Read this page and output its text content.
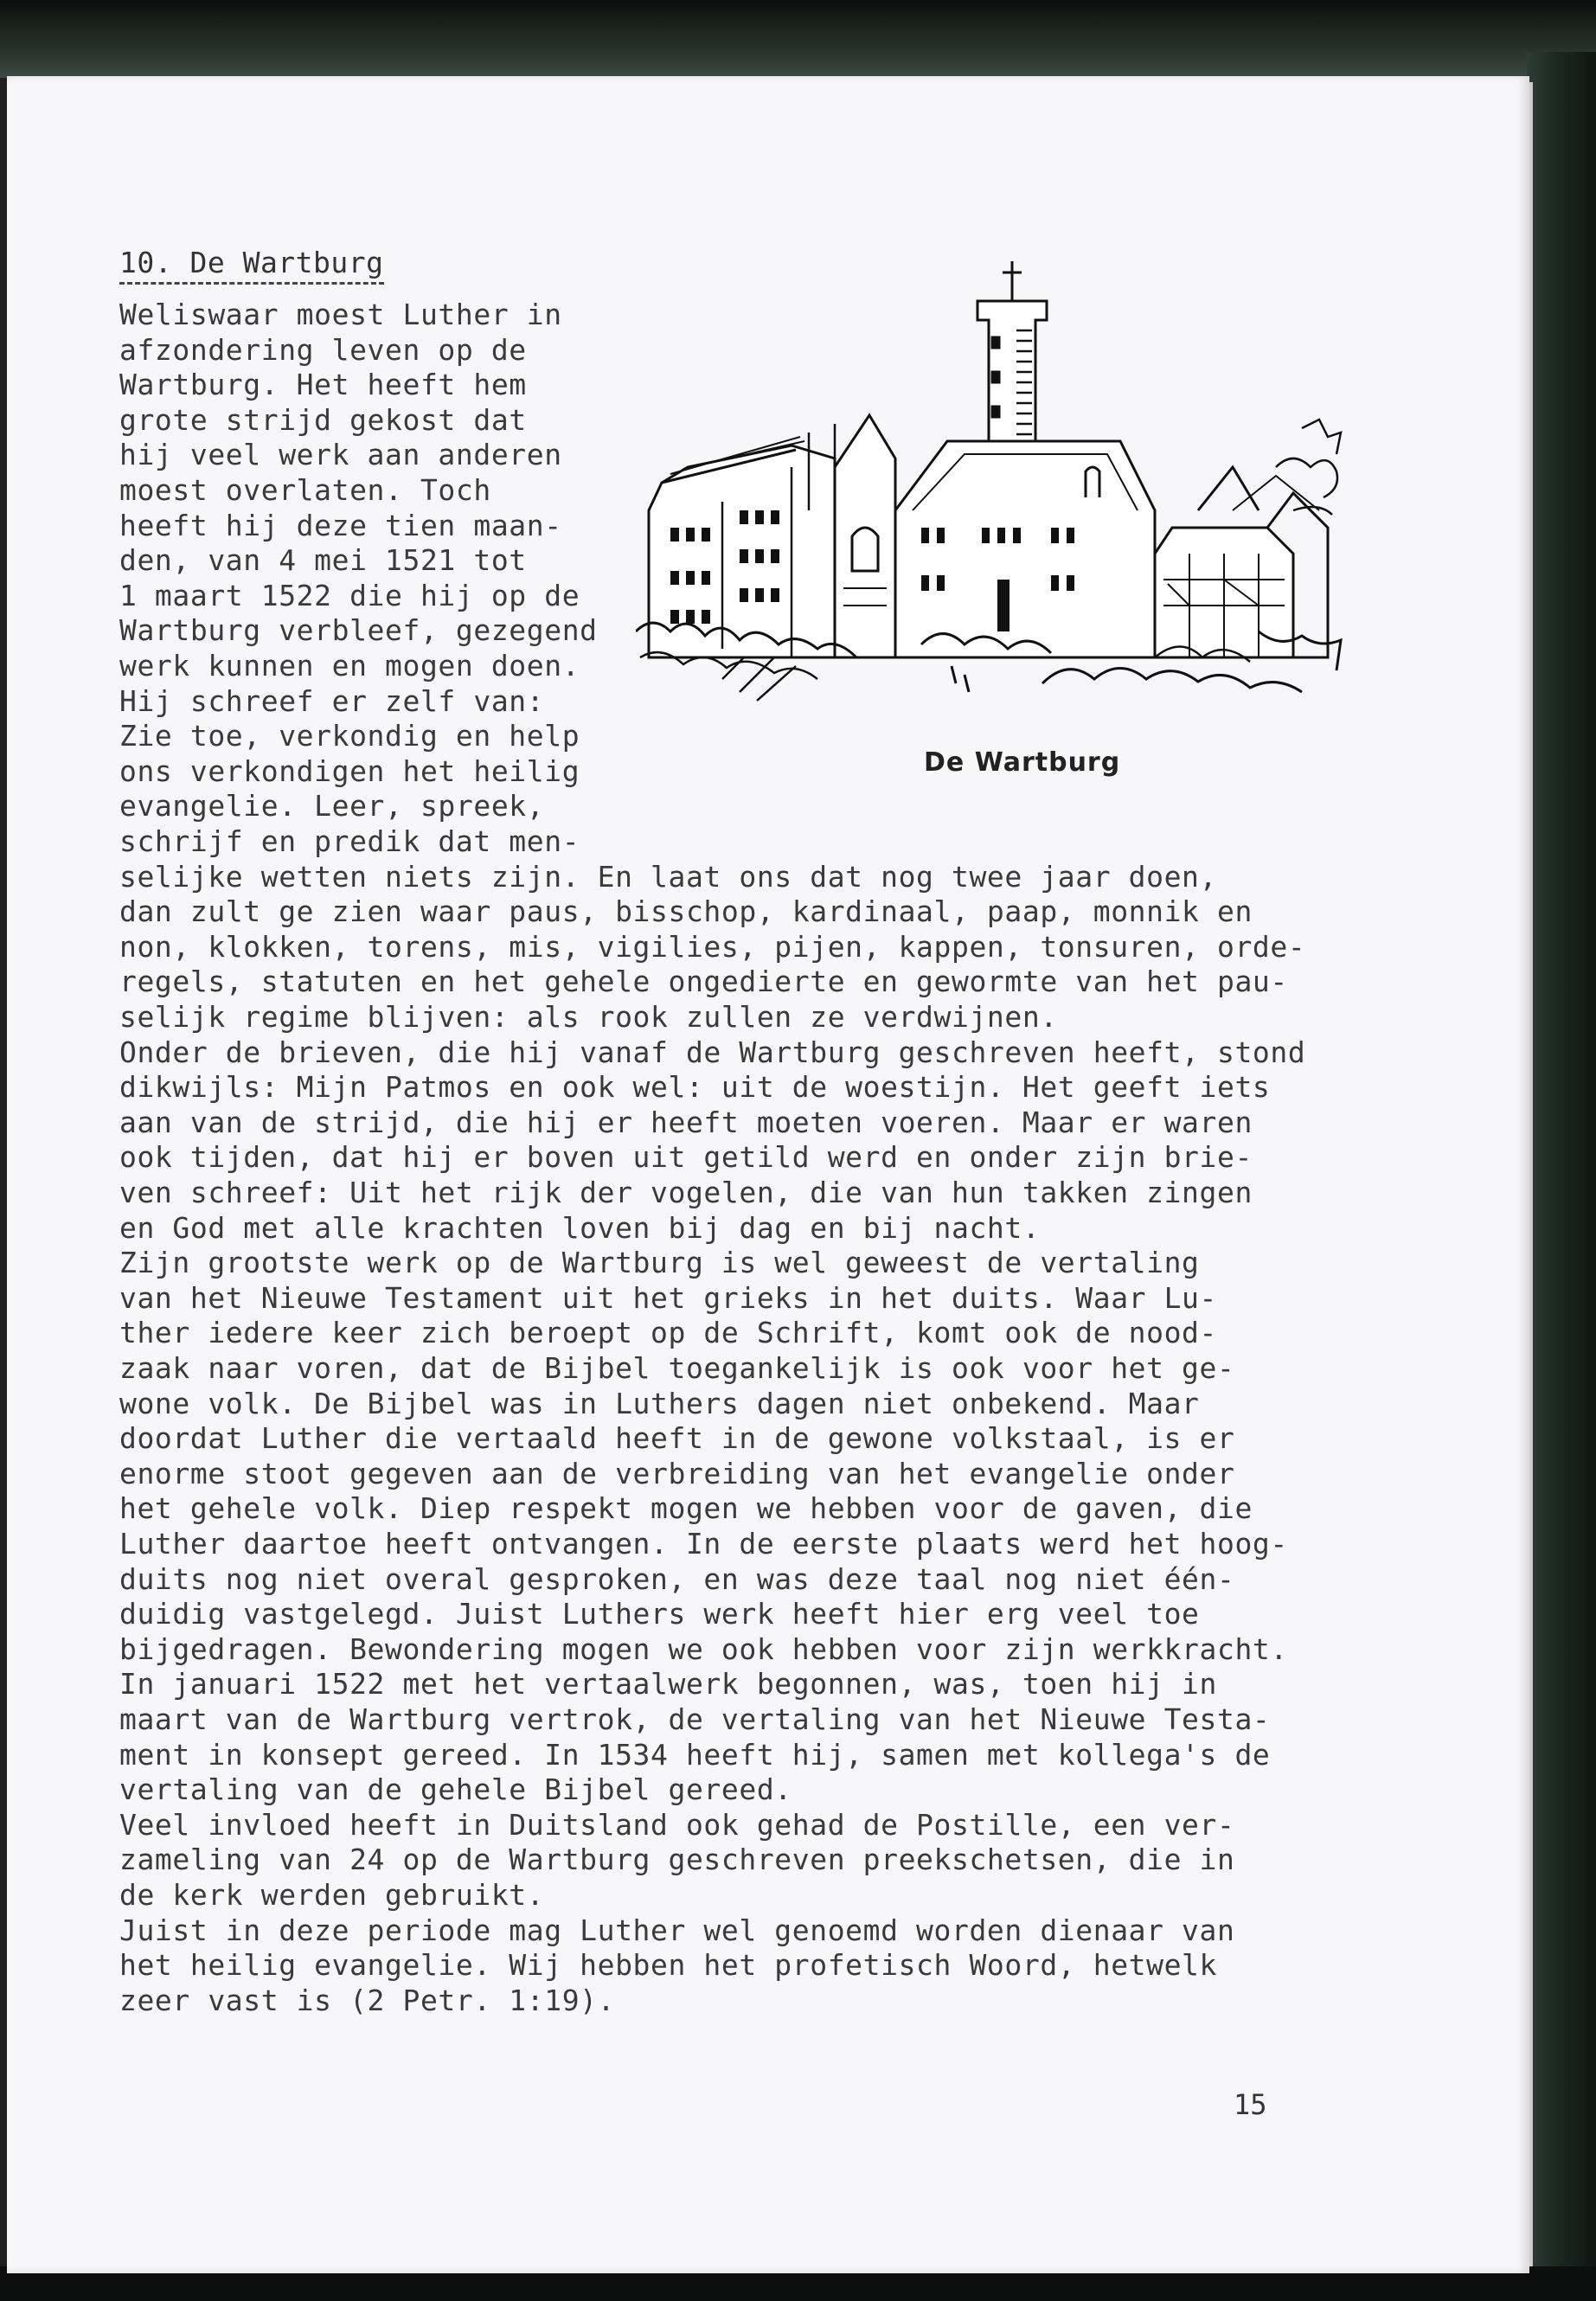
10. De Wartburg
Weliswaar moest Luther in
afzondering leven op de
Wartburg. Het heeft hem
grote strijd gekost dat
hij veel werk aan anderen
moest overlaten. Toch
heeft hij deze tien maan-
den, van 4 mei 1521 tot
1 maart 1522 die hij op de
Wartburg verbleef, gezegend
werk kunnen en mogen doen.
Hij schreef er zelf van:
Zie toe, verkondig en help
ons verkondigen het heilig
evangelie. Leer, spreek,
schrijf en predik dat men-
selijke wetten niets zijn. En laat ons dat nog twee jaar doen,
dan zult ge zien waar paus, bisschop, kardinaal, paap, monnik en
non, klokken, torens, mis, vigilies, pijen, kappen, tonsuren, orde-
regels, statuten en het gehele ongedierte en gewormte van het pau-
selijk regime blijven: als rook zullen ze verdwijnen.
Onder de brieven, die hij vanaf de Wartburg geschreven heeft, stond
dikwijls: Mijn Patmos en ook wel: uit de woestijn. Het geeft iets
aan van de strijd, die hij er heeft moeten voeren. Maar er waren
ook tijden, dat hij er boven uit getild werd en onder zijn brie-
ven schreef: Uit het rijk der vogelen, die van hun takken zingen
en God met alle krachten loven bij dag en bij nacht.
Zijn grootste werk op de Wartburg is wel geweest de vertaling
van het Nieuwe Testament uit het grieks in het duits. Waar Lu-
ther iedere keer zich beroept op de Schrift, komt ook de nood-
zaak naar voren, dat de Bijbel toegankelijk is ook voor het ge-
wone volk. De Bijbel was in Luthers dagen niet onbekend. Maar
doordat Luther die vertaald heeft in de gewone volkstaal, is er
enorme stoot gegeven aan de verbreiding van het evangelie onder
het gehele volk. Diep respekt mogen we hebben voor de gaven, die
Luther daartoe heeft ontvangen. In de eerste plaats werd het hoog-
duits nog niet overal gesproken, en was deze taal nog niet één-
duidig vastgelegd. Juist Luthers werk heeft hier erg veel toe
bijgedragen. Bewondering mogen we ook hebben voor zijn werkkracht.
In januari 1522 met het vertaalwerk begonnen, was, toen hij in
maart van de Wartburg vertrok, de vertaling van het Nieuwe Testa-
ment in konsept gereed. In 1534 heeft hij, samen met kollega's de
vertaling van de gehele Bijbel gereed.
Veel invloed heeft in Duitsland ook gehad de Postille, een ver-
zameling van 24 op de Wartburg geschreven preekschetsen, die in
de kerk werden gebruikt.
Juist in deze periode mag Luther wel genoemd worden dienaar van
het heilig evangelie. Wij hebben het profetisch Woord, hetwelk
zeer vast is (2 Petr. 1:19).
De Wartburg
15
